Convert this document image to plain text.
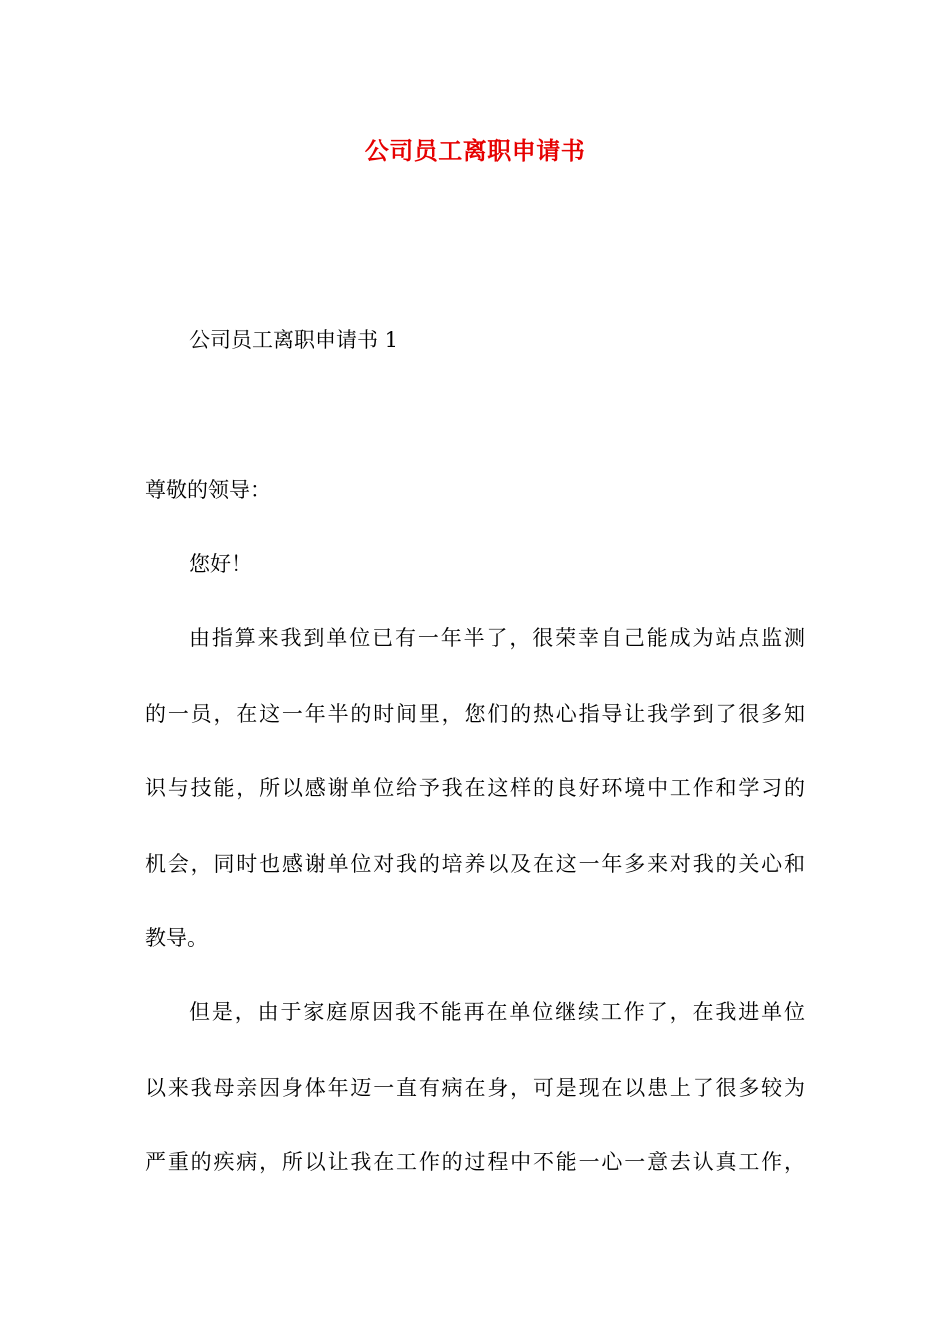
公司员工离职申请书
公司员工离职申请书 1
尊敬的领导：
您好！
由指算来我到单位已有一年半了，很荣幸自己能成为站点监测
的一员，在这一年半的时间里，您们的热心指导让我学到了很多知
识与技能，所以感谢单位给予我在这样的良好环境中工作和学习的
机会，同时也感谢单位对我的培养以及在这一年多来对我的关心和
教导。
但是，由于家庭原因我不能再在单位继续工作了，在我进单位
以来我母亲因身体年迈一直有病在身，可是现在以患上了很多较为
严重的疾病，所以让我在工作的过程中不能一心一意去认真工作，
